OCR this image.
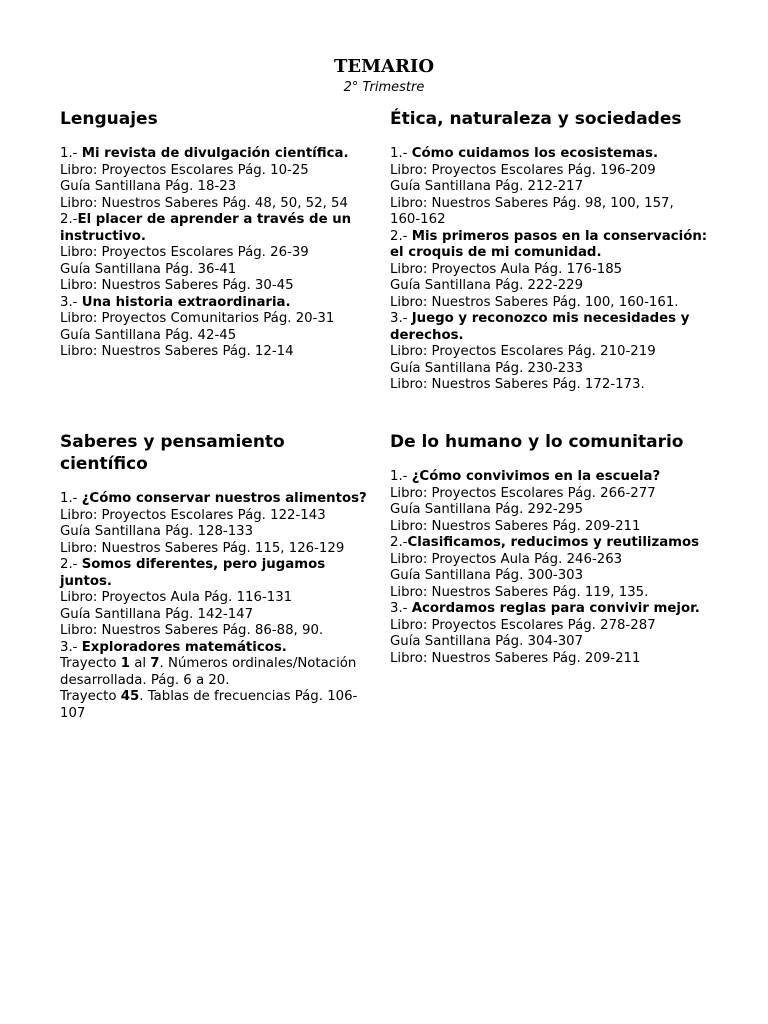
TEMARIO
2° Trimestre
Lenguajes
1.- Mi revista de divulgación científica.
Libro: Proyectos Escolares Pág. 10-25
Guía Santillana Pág. 18-23
Libro: Nuestros Saberes Pág. 48, 50, 52, 54
2.-El placer de aprender a través de un instructivo.
Libro: Proyectos Escolares Pág. 26-39
Guía Santillana Pág. 36-41
Libro: Nuestros Saberes Pág. 30-45
3.- Una historia extraordinaria.
Libro: Proyectos Comunitarios Pág. 20-31
Guía Santillana Pág. 42-45
Libro: Nuestros Saberes Pág. 12-14
Ética, naturaleza y sociedades
1.- Cómo cuidamos los ecosistemas.
Libro: Proyectos Escolares Pág. 196-209
Guía Santillana Pág. 212-217
Libro: Nuestros Saberes Pág. 98, 100, 157, 160-162
2.- Mis primeros pasos en la conservación: el croquis de mi comunidad.
Libro: Proyectos Aula Pág. 176-185
Guía Santillana Pág. 222-229
Libro: Nuestros Saberes Pág. 100, 160-161.
3.- Juego y reconozco mis necesidades y derechos.
Libro: Proyectos Escolares Pág. 210-219
Guía Santillana Pág. 230-233
Libro: Nuestros Saberes Pág. 172-173.
Saberes y pensamiento científico
1.- ¿Cómo conservar nuestros alimentos?
Libro: Proyectos Escolares Pág. 122-143
Guía Santillana Pág. 128-133
Libro: Nuestros Saberes Pág. 115, 126-129
2.- Somos diferentes, pero jugamos juntos.
Libro: Proyectos Aula Pág. 116-131
Guía Santillana Pág. 142-147
Libro: Nuestros Saberes Pág. 86-88, 90.
3.- Exploradores matemáticos.
Trayecto 1 al 7. Números ordinales/Notación desarrollada. Pág. 6 a 20.
Trayecto 45. Tablas de frecuencias Pág. 106-107
De lo humano y lo comunitario
1.- ¿Cómo convivimos en la escuela?
Libro: Proyectos Escolares Pág. 266-277
Guía Santillana Pág. 292-295
Libro: Nuestros Saberes Pág. 209-211
2.-Clasificamos, reducimos y reutilizamos
Libro: Proyectos Aula Pág. 246-263
Guía Santillana Pág. 300-303
Libro: Nuestros Saberes Pág. 119, 135.
3.- Acordamos reglas para convivir mejor.
Libro: Proyectos Escolares Pág. 278-287
Guía Santillana Pág. 304-307
Libro: Nuestros Saberes Pág. 209-211
